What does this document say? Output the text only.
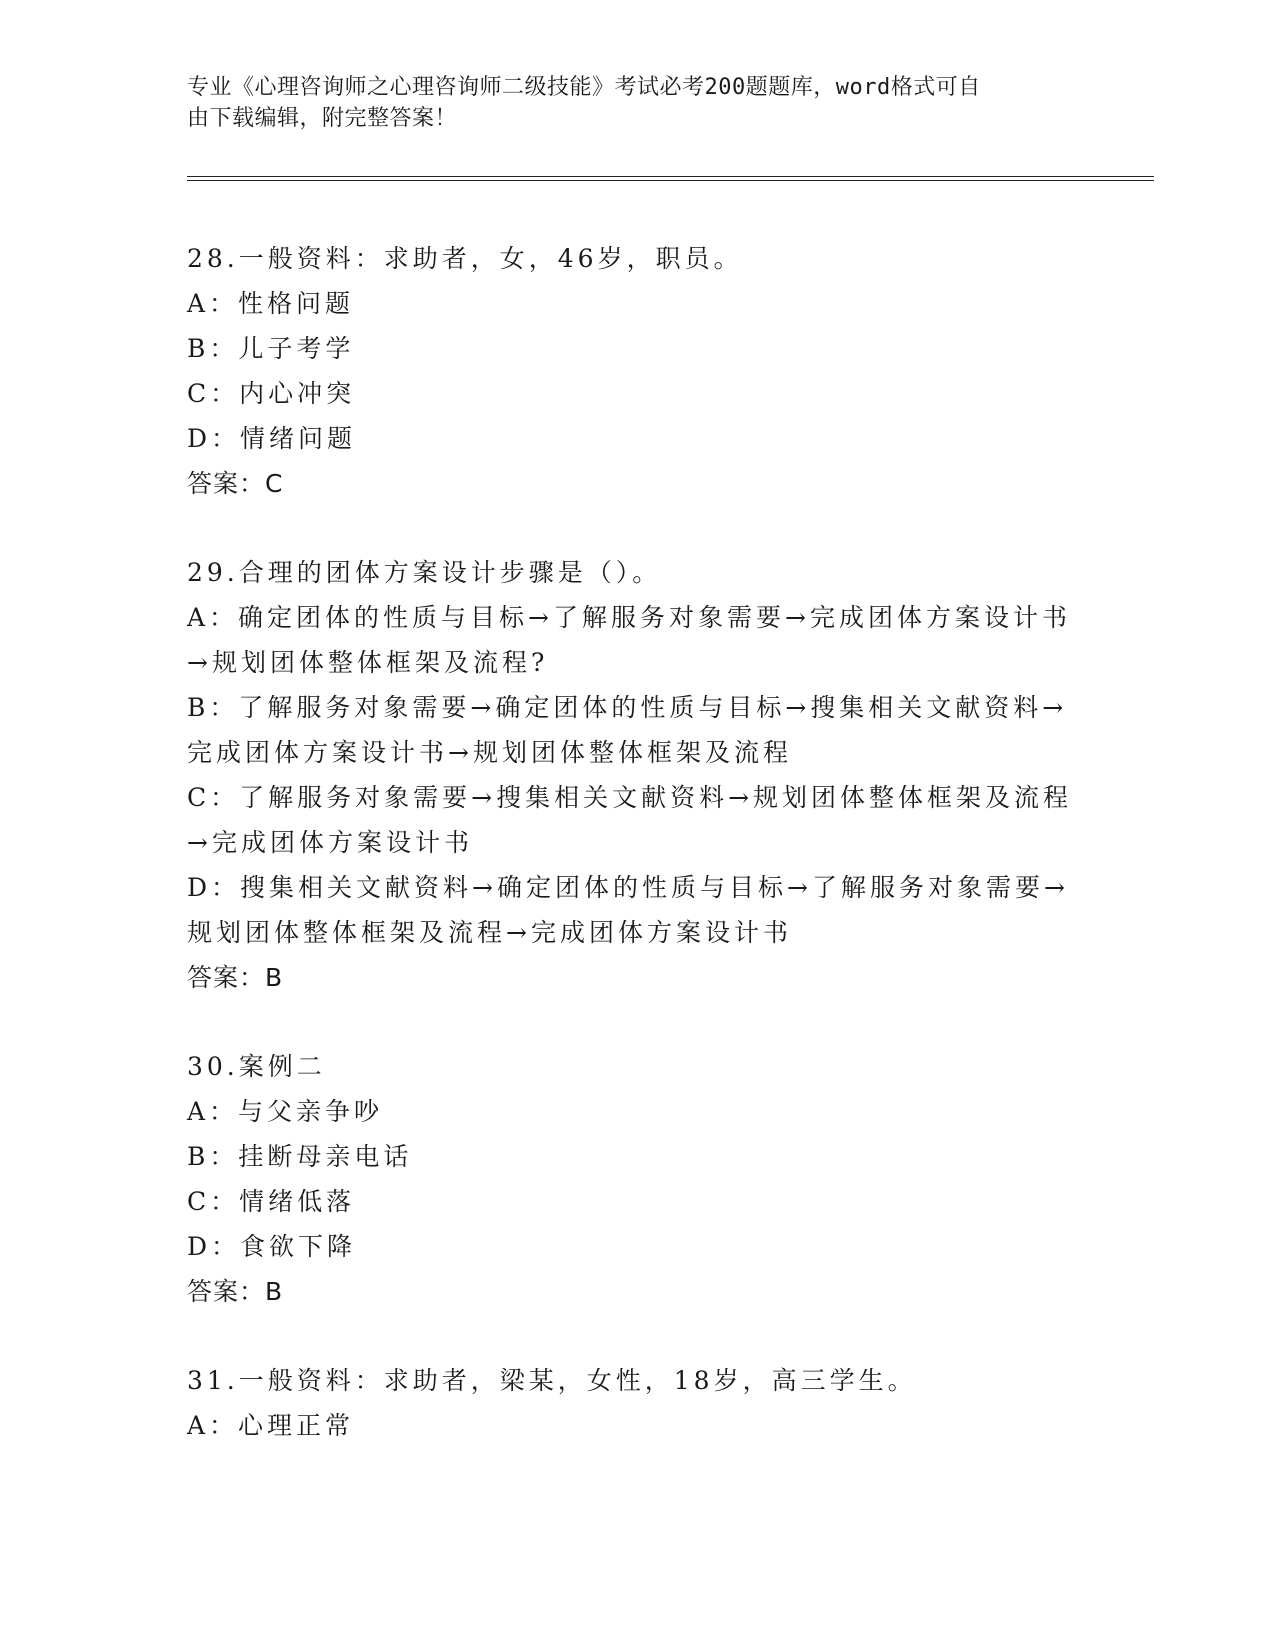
专业《心理咨询师之心理咨询师二级技能》考试必考200题题库，word格式可自
由下载编辑，附完整答案！
28.一般资料：求助者，女，46岁，职员。
A：性格问题
B：儿子考学
C：内心冲突
D：情绪问题
答案：C
29.合理的团体方案设计步骤是（）。
A：确定团体的性质与目标→了解服务对象需要→完成团体方案设计书
→规划团体整体框架及流程?
B：了解服务对象需要→确定团体的性质与目标→搜集相关文献资料→
完成团体方案设计书→规划团体整体框架及流程
C：了解服务对象需要→搜集相关文献资料→规划团体整体框架及流程
→完成团体方案设计书
D：搜集相关文献资料→确定团体的性质与目标→了解服务对象需要→
规划团体整体框架及流程→完成团体方案设计书
答案：B
30.案例二
A：与父亲争吵
B：挂断母亲电话
C：情绪低落
D：食欲下降
答案：B
31.一般资料：求助者，梁某，女性，18岁，高三学生。
A：心理正常
